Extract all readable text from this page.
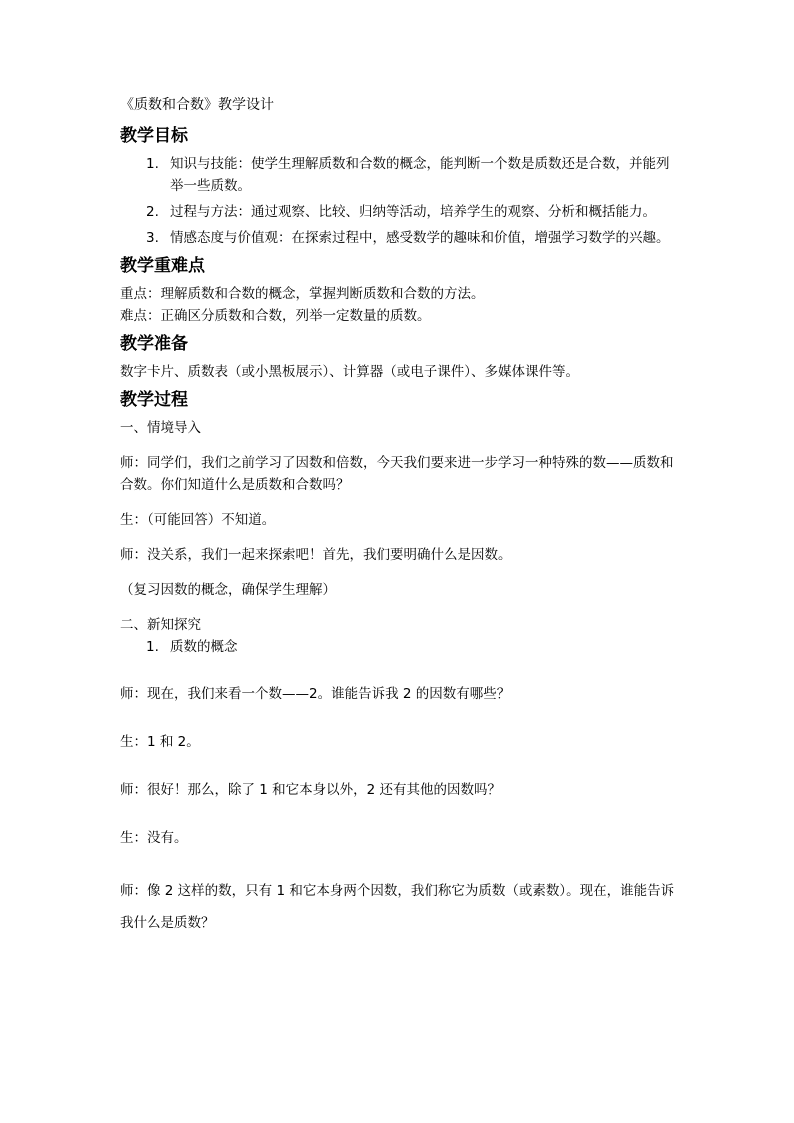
《质数和合数》教学设计
教学目标
1. 知识与技能：使学生理解质数和合数的概念，能判断一个数是质数还是合数，并能列举一些质数。
2. 过程与方法：通过观察、比较、归纳等活动，培养学生的观察、分析和概括能力。
3. 情感态度与价值观：在探索过程中，感受数学的趣味和价值，增强学习数学的兴趣。
教学重难点

重点：理解质数和合数的概念，掌握判断质数和合数的方法。

难点：正确区分质数和合数，列举一定数量的质数。

教学准备

数字卡片、质数表（或小黑板展示）、计算器（或电子课件）、多媒体课件等。

教学过程

一、情境导入

师：同学们，我们之前学习了因数和倍数，今天我们要来进一步学习一种特殊的数——质数和合数。你们知道什么是质数和合数吗？

生：（可能回答）不知道。

师：没关系，我们一起来探索吧！首先，我们要明确什么是因数。

（复习因数的概念，确保学生理解）

二、新知探究

1. 质数的概念

师：现在，我们来看一个数——2。谁能告诉我 2 的因数有哪些？

生：1 和 2。

师：很好！那么，除了 1 和它本身以外，2 还有其他的因数吗？

生：没有。

师：像 2 这样的数，只有 1 和它本身两个因数，我们称它为质数（或素数）。现在，谁能告诉我什么是质数？
